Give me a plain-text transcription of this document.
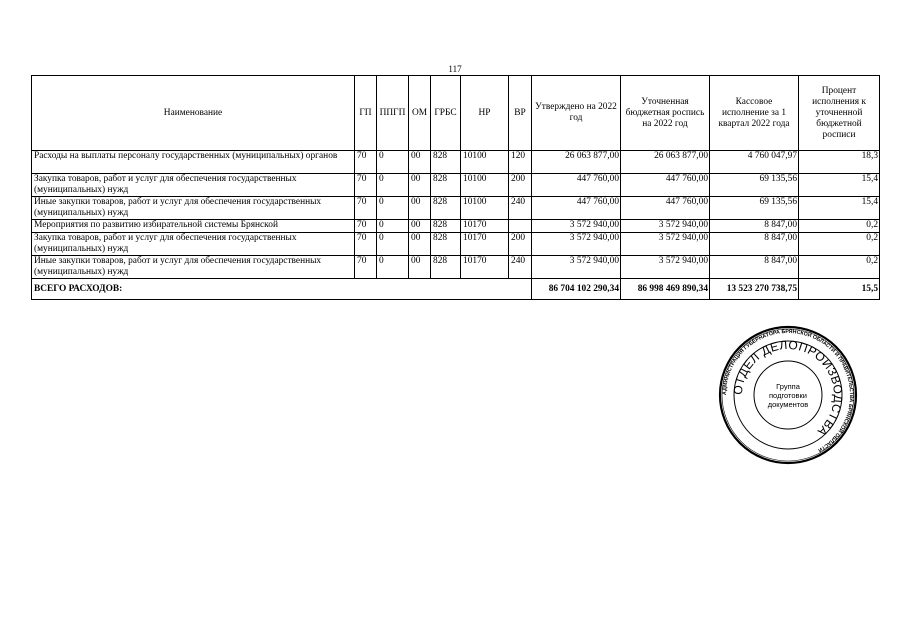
117
Наименование	ГП	ППГП	ОМ	ГРБС	НР	ВР	Утверждено на 2022 год	Уточненная бюджетная роспись на 2022 год	Кассовое исполнение за 1 квартал 2022 года	Процент исполнения к уточненной бюджетной росписи
Расходы на выплаты персоналу государственных (муниципальных) органов	70	0	00	828	10100	120	26 063 877,00	26 063 877,00	4 760 047,97	18,3
Закупка товаров, работ и услуг для обеспечения государственных (муниципальных) нужд	70	0	00	828	10100	200	447 760,00	447 760,00	69 135,56	15,4
Иные закупки товаров, работ и услуг для обеспечения государственных (муниципальных) нужд	70	0	00	828	10100	240	447 760,00	447 760,00	69 135,56	15,4
Мероприятия по развитию избирательной системы Брянской	70	0	00	828	10170		3 572 940,00	3 572 940,00	8 847,00	0,2
Закупка товаров, работ и услуг для обеспечения государственных (муниципальных) нужд	70	0	00	828	10170	200	3 572 940,00	3 572 940,00	8 847,00	0,2
Иные закупки товаров, работ и услуг для обеспечения государственных (муниципальных) нужд	70	0	00	828	10170	240	3 572 940,00	3 572 940,00	8 847,00	0,2
ВСЕГО РАСХОДОВ:							86 704 102 290,34	86 998 469 890,34	13 523 270 738,75	15,5
АДМИНИСТРАЦИЯ ГУБЕРНАТОРА БРЯНСКОЙ ОБЛАСТИ И ПРАВИТЕЛЬСТВА БРЯНСКОЙ ОБЛАСТИ
ОТДЕЛ ДЕЛОПРОИЗВОДСТВА
Группа
подготовки
документов
